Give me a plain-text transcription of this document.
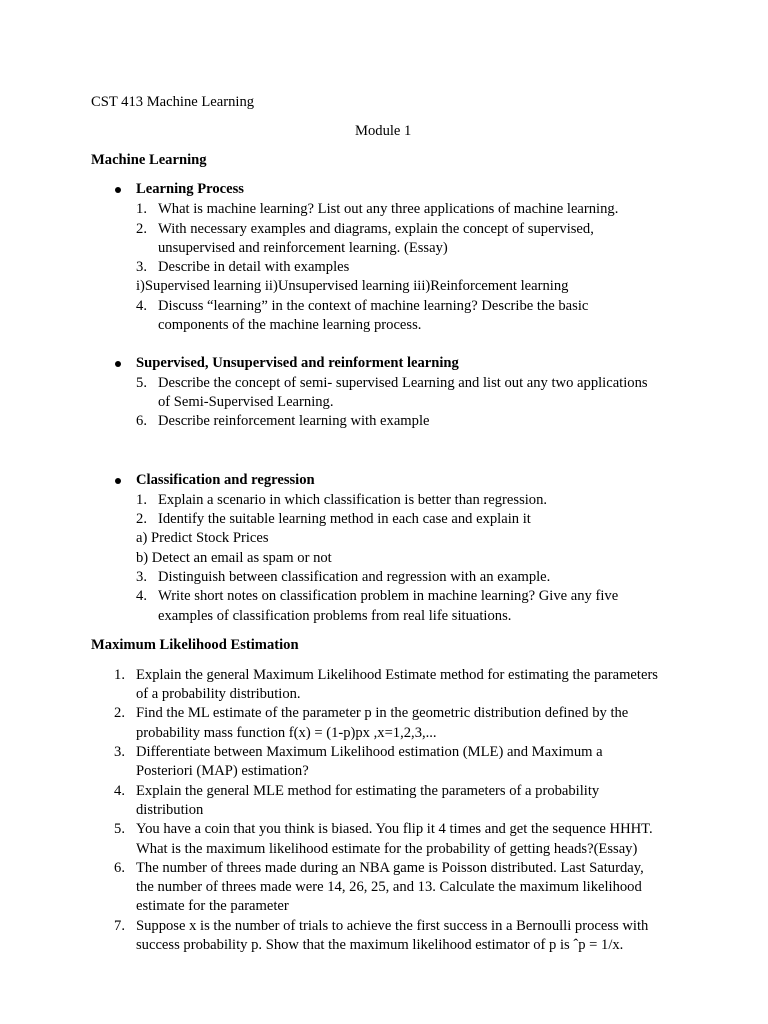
CST 413 Machine Learning
Module 1
Machine Learning
Learning Process
1. What is machine learning? List out any three applications of machine learning.
2. With necessary examples and diagrams, explain the concept of supervised,
unsupervised and reinforcement learning. (Essay)
3. Describe in detail with examples
i)Supervised learning ii)Unsupervised learning iii)Reinforcement learning
4. Discuss “learning” in the context of machine learning? Describe the basic
components of the machine learning process.
Supervised, Unsupervised and reinforment learning
5. Describe the concept of semi- supervised Learning and list out any two applications
of Semi-Supervised Learning.
6. Describe reinforcement learning with example
Classification and regression
1. Explain a scenario in which classification is better than regression.
2. Identify the suitable learning method in each case and explain it
a) Predict Stock Prices
b) Detect an email as spam or not
3. Distinguish between classification and regression with an example.
4. Write short notes on classification problem in machine learning? Give any five
examples of classification problems from real life situations.
Maximum Likelihood Estimation
1. Explain the general Maximum Likelihood Estimate method for estimating the parameters
of a probability distribution.
2. Find the ML estimate of the parameter p in the geometric distribution defined by the
probability mass function f(x) = (1-p)px ,x=1,2,3,...
3. Differentiate between Maximum Likelihood estimation (MLE) and Maximum a
Posteriori (MAP) estimation?
4. Explain the general MLE method for estimating the parameters of a probability
distribution
5. You have a coin that you think is biased. You flip it 4 times and get the sequence HHHT.
What is the maximum likelihood estimate for the probability of getting heads?(Essay)
6. The number of threes made during an NBA game is Poisson distributed. Last Saturday,
the number of threes made were 14, 26, 25, and 13. Calculate the maximum likelihood
estimate for the parameter
7. Suppose x is the number of trials to achieve the first success in a Bernoulli process with
success probability p. Show that the maximum likelihood estimator of p is ˆp = 1/x.
